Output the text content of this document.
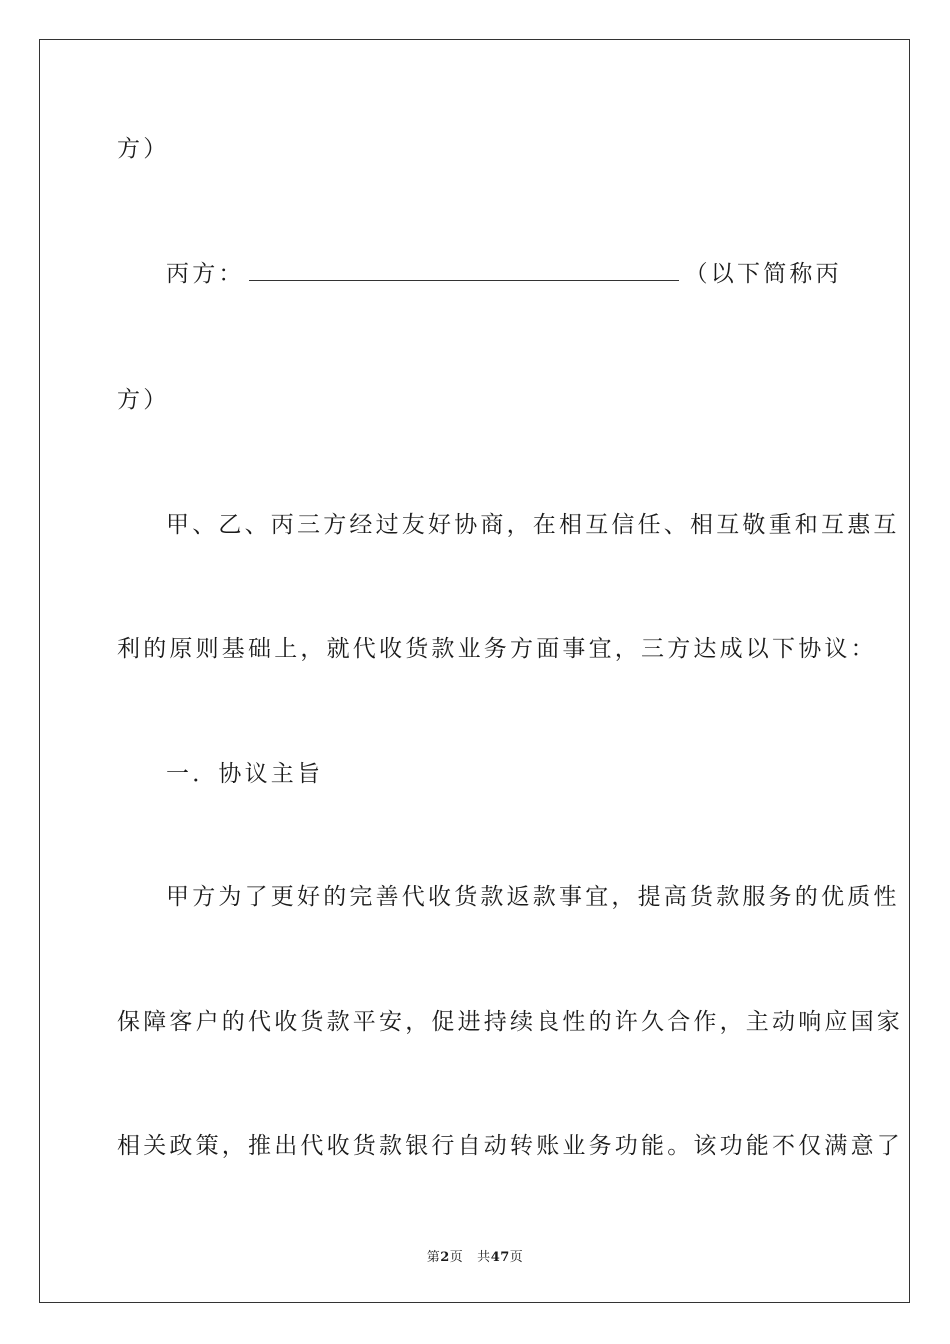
方）
丙方：	（以下简称丙
方）
甲、乙、丙三方经过友好协商，在相互信任、相互敬重和互惠互
利的原则基础上，就代收货款业务方面事宜，三方达成以下协议：
一．协议主旨
甲方为了更好的完善代收货款返款事宜，提高货款服务的优质性
保障客户的代收货款平安，促进持续良性的许久合作，主动响应国家
相关政策，推出代收货款银行自动转账业务功能。该功能不仅满意了
第2页 共47页
